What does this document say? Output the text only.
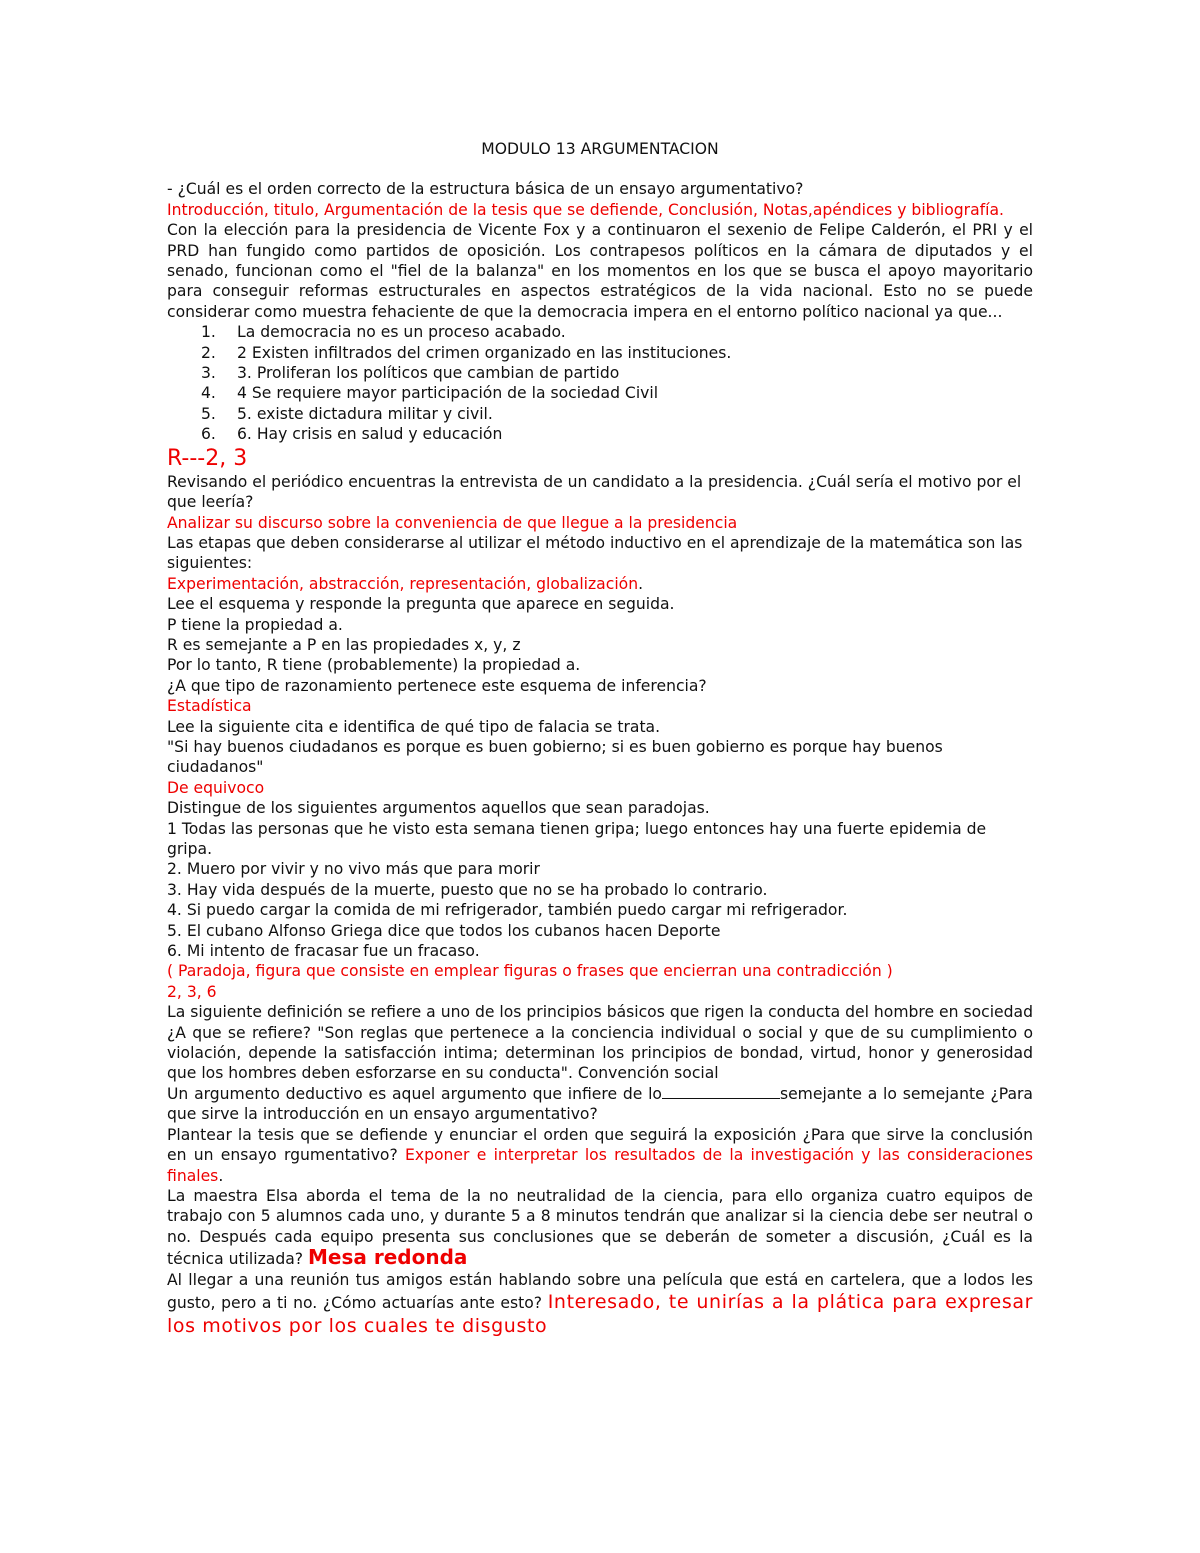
MODULO 13 ARGUMENTACION

- ¿Cuál es el orden correcto de la estructura básica de un ensayo argumentativo?

Introducción, titulo, Argumentación de la tesis que se defiende, Conclusión, Notas,apéndices y bibliografía.

Con la elección para la presidencia de Vicente Fox y a continuaron el sexenio de Felipe Calderón, el PRI y el PRD han fungido como partidos de oposición. Los contrapesos políticos en la cámara de diputados y el senado, funcionan como el "fiel de la balanza" en los momentos en los que se busca el apoyo mayoritario para conseguir reformas estructurales en aspectos estratégicos de la vida nacional. Esto no se puede considerar como muestra fehaciente de que la democracia impera en el entorno político nacional ya que...

1.	La democracia no es un proceso acabado.
2.	2 Existen infiltrados del crimen organizado en las instituciones.
3.	3. Proliferan los políticos que cambian de partido
4.	4 Se requiere mayor participación de la sociedad Civil
5.	5. existe dictadura militar y civil.
6.	6. Hay crisis en salud y educación

R---2, 3

Revisando el periódico encuentras la entrevista de un candidato a la presidencia. ¿Cuál sería el motivo por el que leería?

Analizar su discurso sobre la conveniencia de que llegue a la presidencia

Las etapas que deben considerarse al utilizar el método inductivo en el aprendizaje de la matemática son las siguientes:

Experimentación, abstracción, representación, globalización.

Lee el esquema y responde la pregunta que aparece en seguida.

P tiene la propiedad a.

R es semejante a P en las propiedades x, y, z

Por lo tanto, R tiene (probablemente) la propiedad a.

¿A que tipo de razonamiento pertenece este esquema de inferencia?

Estadística

Lee la siguiente cita e identifica de qué tipo de falacia se trata.

"Si hay buenos ciudadanos es porque es buen gobierno; si es buen gobierno es porque hay buenos ciudadanos"

De equivoco

Distingue de los siguientes argumentos aquellos que sean paradojas.

1 Todas las personas que he visto esta semana tienen gripa; luego entonces hay una fuerte epidemia de gripa.

2. Muero por vivir y no vivo más que para morir

3. Hay vida después de la muerte, puesto que no se ha probado lo contrario.

4. Si puedo cargar la comida de mi refrigerador, también puedo cargar mi refrigerador.

5. El cubano Alfonso Griega dice que todos los cubanos hacen Deporte

6. Mi intento de fracasar fue un fracaso.

( Paradoja, figura que consiste en emplear figuras o frases que encierran una contradicción )

2, 3, 6

La siguiente definición se refiere a uno de los principios básicos que rigen la conducta del hombre en sociedad ¿A que se refiere? "Son reglas que pertenece a la conciencia individual o social y que de su cumplimiento o violación, depende la satisfacción intima; determinan los principios de bondad, virtud, honor y generosidad que los hombres deben esforzarse en su conducta". Convención social

Un argumento deductivo es aquel argumento que infiere de lo	semejante a lo semejante ¿Para que sirve la introducción en un ensayo argumentativo?

Plantear la tesis que se defiende y enunciar el orden que seguirá la exposición ¿Para que sirve la conclusión en un ensayo rgumentativo? Exponer e interpretar los resultados de la investigación y las consideraciones finales.

La maestra Elsa aborda el tema de la no neutralidad de la ciencia, para ello organiza cuatro equipos de trabajo con 5 alumnos cada uno, y durante 5 a 8 minutos tendrán que analizar si la ciencia debe ser neutral o no. Después cada equipo presenta sus conclusiones que se deberán de someter a discusión, ¿Cuál es la técnica utilizada? Mesa redonda

Al llegar a una reunión tus amigos están hablando sobre una película que está en cartelera, que a lodos les gusto, pero a ti no. ¿Cómo actuarías ante esto? Interesado, te unirías a la plática para expresar los motivos por los cuales te disgusto
